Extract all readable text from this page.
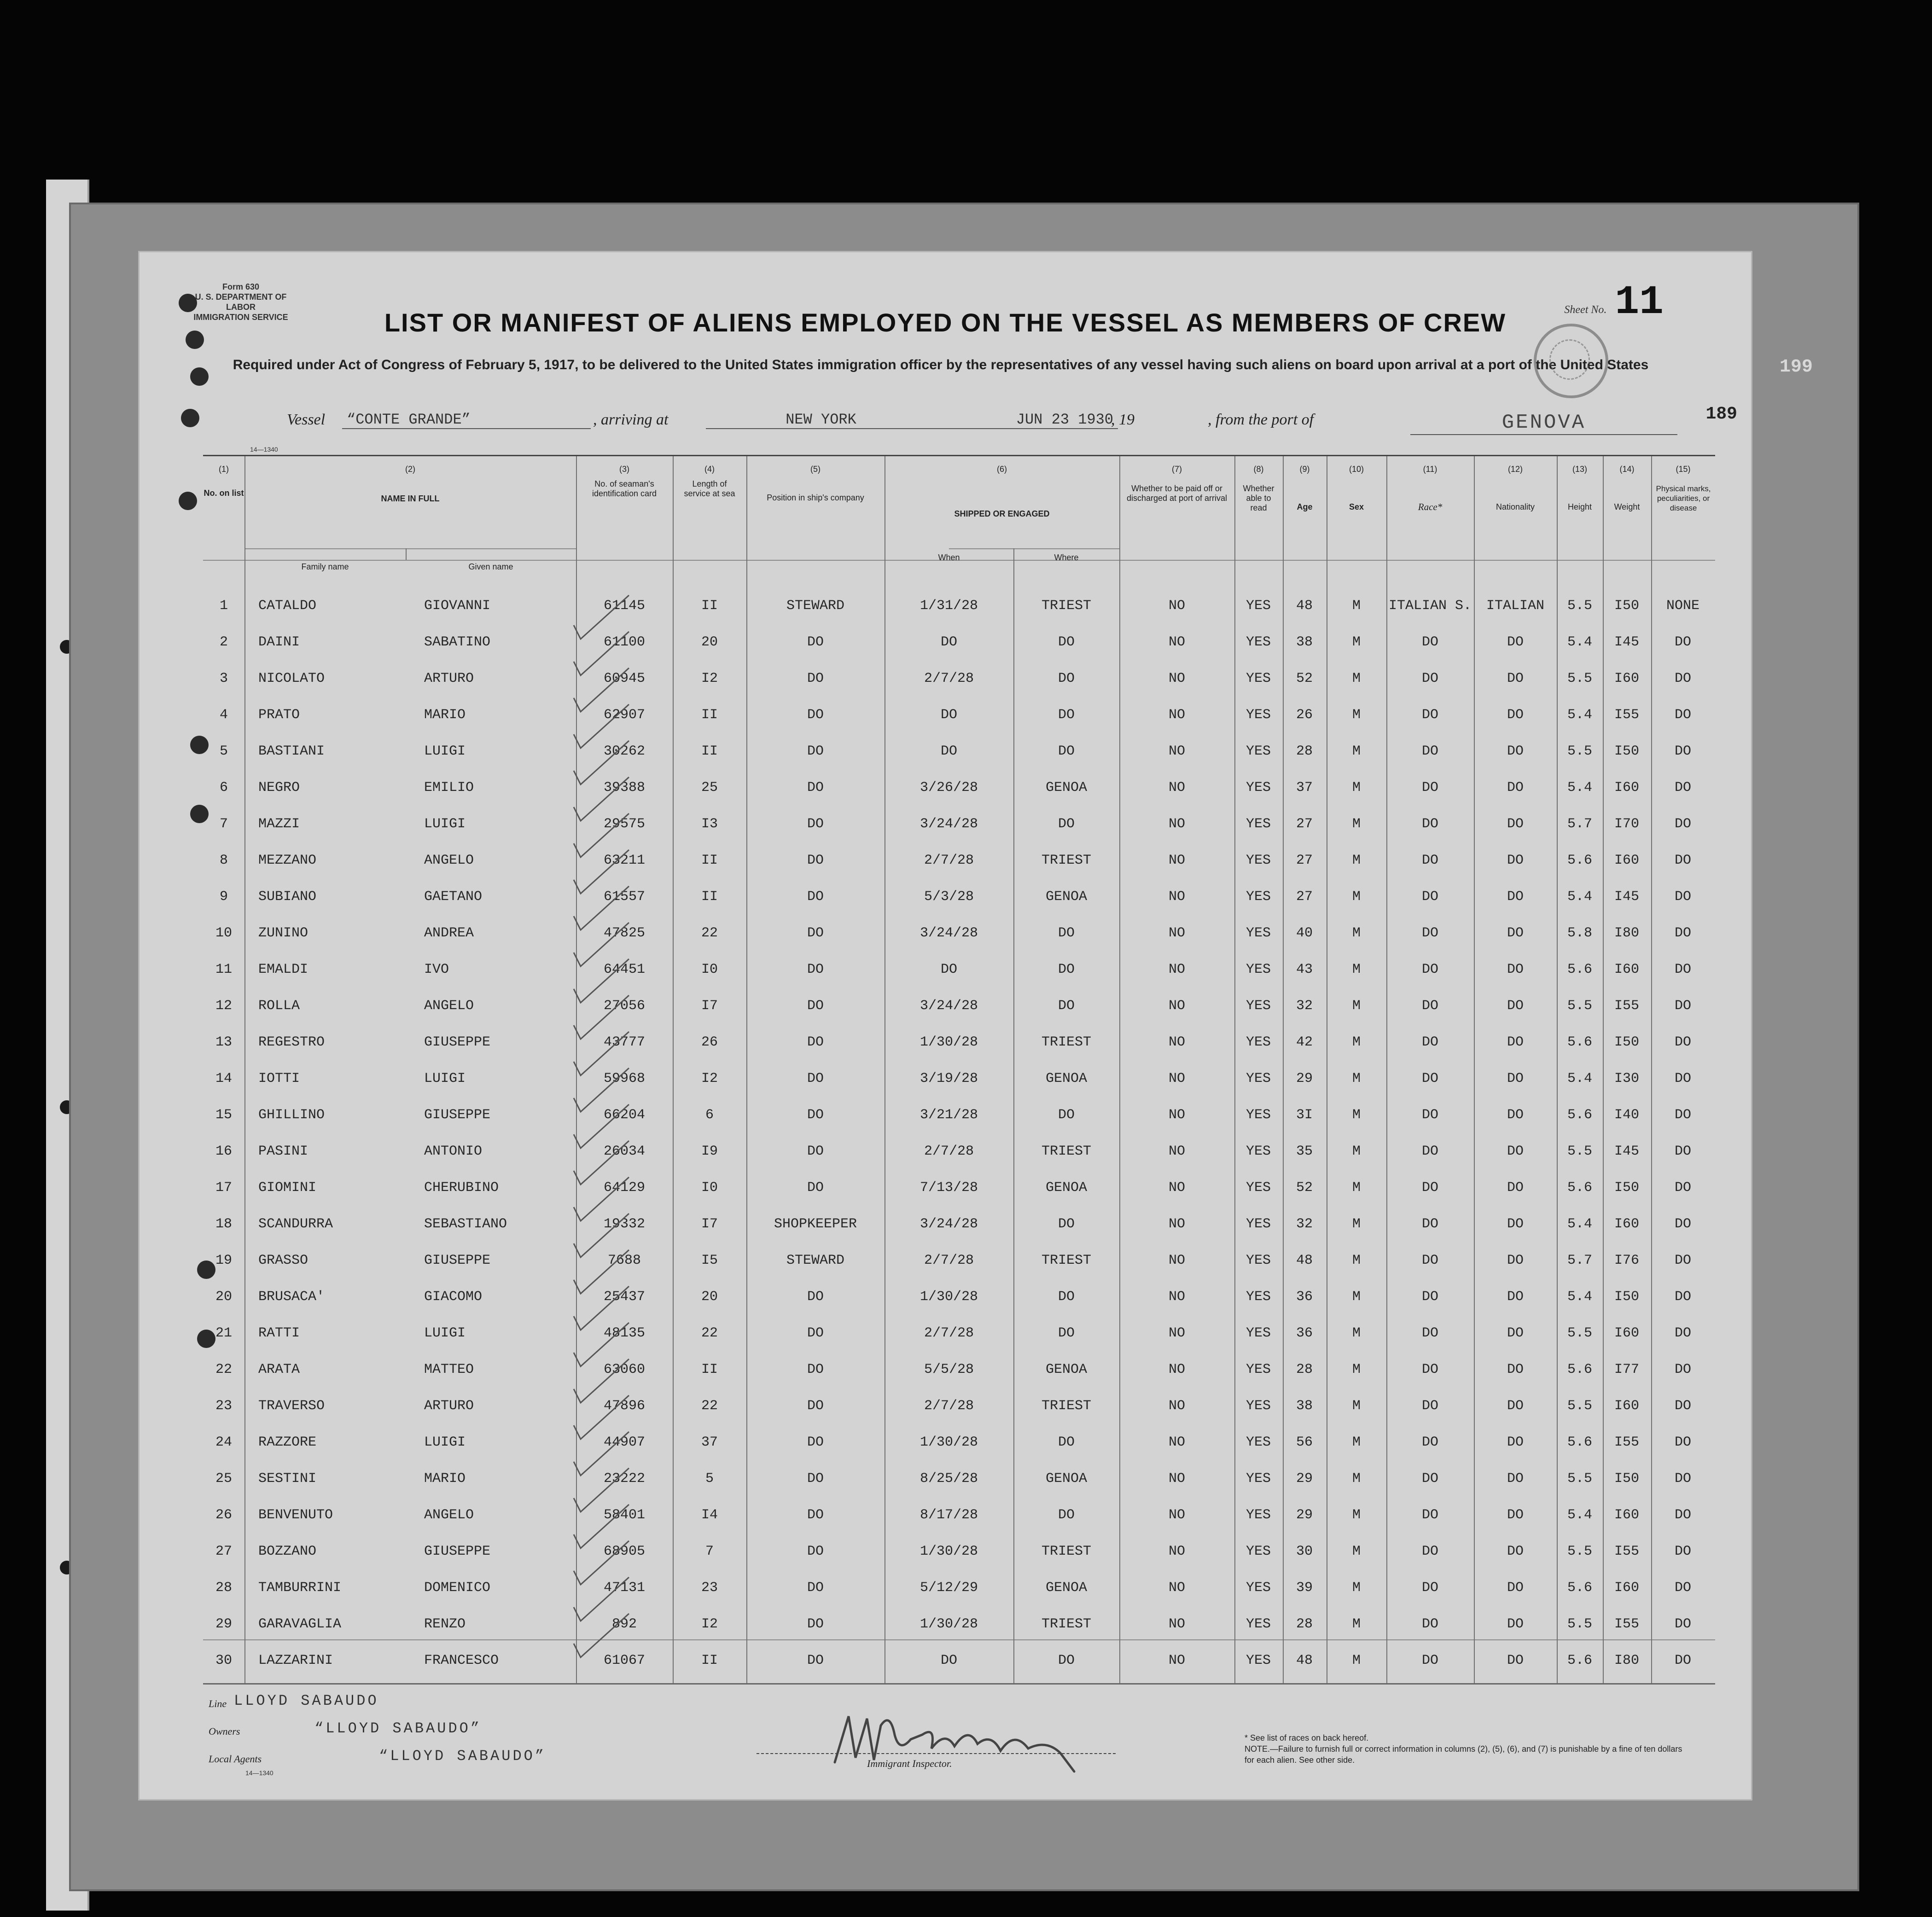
199
Form 630
U. S. DEPARTMENT OF LABOR
IMMIGRATION SERVICE	LIST OR MANIFEST OF ALIENS EMPLOYED ON THE VESSEL AS MEMBERS OF CREW
Required under Act of Congress of February 5, 1917, to be delivered to the United States immigration officer by the representatives of any vessel having such aliens on board upon arrival at a port of the United States
Sheet No. 11
189
14—1340
Vessel	“CONTE GRANDE”	, arriving at	NEW YORK	JUN 23 1930
, 19	, from the port of	GENOVA
(1)
No. on list
(2)
NAME IN FULL
Family name	Given name
(3)
No. of seaman's identification card
(4)
Length of service at sea
(5)
Position in ship's company
(6)
SHIPPED OR ENGAGED
When	Where
(7)
Whether to be paid off or discharged at port of arrival
(8)
Whether able to read
(9)
Age
(10)
Sex
(11)
Race*
(12)
Nationality
(13)
Height
(14)
Weight
(15)
Physical marks, peculiarities, or disease
1 CATALDO	GIOVANNI	61145	II	STEWARD	1/31/28	TRIEST	NO	YES 48	M ITALIAN S. ITALIAN 5.5 I50 NONE
2 DAINI	SABATINO	61100	20	DO	DO	DO	NO	YES 38	M	DO	DO	5.4 I45	DO
3 NICOLATO	ARTURO	60945	I2	DO	2/7/28	DO	NO	YES 52	M	DO	DO	5.5 I60	DO
4 PRATO	MARIO	62907	II	DO	DO	DO	NO	YES 26	M	DO	DO	5.4 I55	DO
5 BASTIANI	LUIGI	30262	II	DO	DO	DO	NO	YES 28	M	DO	DO	5.5 I50	DO
6 NEGRO	EMILIO	39388	25	DO	3/26/28	GENOA	NO	YES 37	M	DO	DO	5.4 I60	DO
7 MAZZI	LUIGI	29575	I3	DO	3/24/28	DO	NO	YES 27	M	DO	DO	5.7 I70	DO
8 MEZZANO	ANGELO	63211	II	DO	2/7/28	TRIEST	NO	YES 27	M	DO	DO	5.6 I60	DO
9 SUBIANO	GAETANO	61557	II	DO	5/3/28	GENOA	NO	YES 27	M	DO	DO	5.4 I45	DO
10 ZUNINO	ANDREA	47825	22	DO	3/24/28	DO	NO	YES 40	M	DO	DO	5.8 I80	DO
11 EMALDI	IVO	64451	I0	DO	DO	DO	NO	YES 43	M	DO	DO	5.6 I60	DO
12 ROLLA	ANGELO	27056	I7	DO	3/24/28	DO	NO	YES 32	M	DO	DO	5.5 I55	DO
13 REGESTRO	GIUSEPPE	43777	26	DO	1/30/28	TRIEST	NO	YES 42	M	DO	DO	5.6 I50	DO
14 IOTTI	LUIGI	59968	I2	DO	3/19/28	GENOA	NO	YES 29	M	DO	DO	5.4 I30	DO
15 GHILLINO	GIUSEPPE	66204	6	DO	3/21/28	DO	NO	YES 3I	M	DO	DO	5.6 I40	DO
16 PASINI	ANTONIO	26034	I9	DO	2/7/28	TRIEST	NO	YES 35	M	DO	DO	5.5 I45	DO
17 GIOMINI	CHERUBINO	64129	I0	DO	7/13/28	GENOA	NO	YES 52	M	DO	DO	5.6 I50	DO
18 SCANDURRA	SEBASTIANO	19332	I7	SHOPKEEPER	3/24/28	DO	NO	YES 32	M	DO	DO	5.4 I60	DO
19 GRASSO	GIUSEPPE	7688	I5	STEWARD	2/7/28	TRIEST	NO	YES 48	M	DO	DO	5.7 I76	DO
20 BRUSACA'	GIACOMO	25437	20	DO	1/30/28	DO	NO	YES 36	M	DO	DO	5.4 I50	DO
21 RATTI	LUIGI	48135	22	DO	2/7/28	DO	NO	YES 36	M	DO	DO	5.5 I60	DO
22 ARATA	MATTEO	63060	II	DO	5/5/28	GENOA	NO	YES 28	M	DO	DO	5.6 I77	DO
23 TRAVERSO	ARTURO	47896	22	DO	2/7/28	TRIEST	NO	YES 38	M	DO	DO	5.5 I60	DO
24 RAZZORE	LUIGI	44907	37	DO	1/30/28	DO	NO	YES 56	M	DO	DO	5.6 I55	DO
25 SESTINI	MARIO	23222	5	DO	8/25/28	GENOA	NO	YES 29	M	DO	DO	5.5 I50	DO
26 BENVENUTO	ANGELO	58401	I4	DO	8/17/28	DO	NO	YES 29	M	DO	DO	5.4 I60	DO
27 BOZZANO	GIUSEPPE	68905	7	DO	1/30/28	TRIEST	NO	YES 30	M	DO	DO	5.5 I55	DO
28 TAMBURRINI	DOMENICO	47131	23	DO	5/12/29	GENOA	NO	YES 39	M	DO	DO	5.6 I60	DO
29 GARAVAGLIA	RENZO	892	I2	DO	1/30/28	TRIEST	NO	YES 28	M	DO	DO	5.5 I55	DO
30 LAZZARINI	FRANCESCO	61067	II	DO	DO	DO	NO	YES 48	M	DO	DO	5.6 I80	DO
Line LLOYD SABAUDO
Owners	“LLOYD SABAUDO”
Local Agents	“LLOYD SABAUDO”
14—1340
Immigrant Inspector.
* See list of races on back hereof.
NOTE.—Failure to furnish full or correct information in columns (2), (5), (6), and (7) is punishable by a fine of ten dollars for each alien. See other side.
